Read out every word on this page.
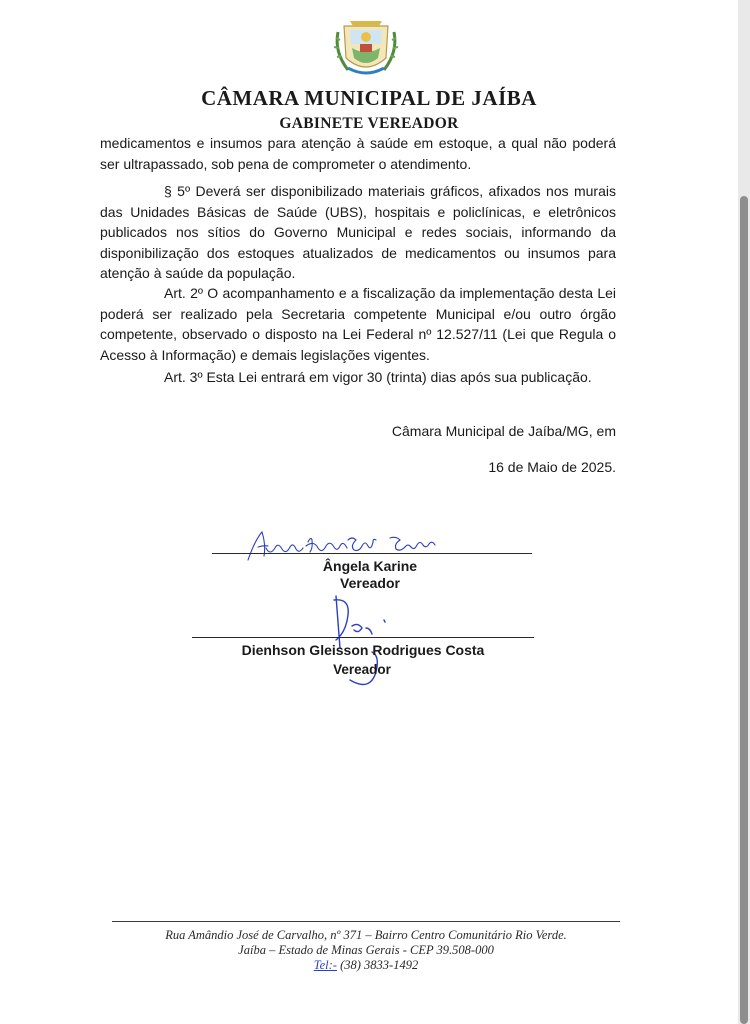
CÂMARA MUNICIPAL DE JAÍBA
GABINETE VEREADOR
medicamentos e insumos para atenção à saúde em estoque, a qual não poderá ser ultrapassado, sob pena de comprometer o atendimento.
§ 5º Deverá ser disponibilizado materiais gráficos, afixados nos murais das Unidades Básicas de Saúde (UBS), hospitais e policlínicas, e eletrônicos publicados nos sítios do Governo Municipal e redes sociais, informando da disponibilização dos estoques atualizados de medicamentos ou insumos para atenção à saúde da população.
Art. 2º O acompanhamento e a fiscalização da implementação desta Lei poderá ser realizado pela Secretaria competente Municipal e/ou outro órgão competente, observado o disposto na Lei Federal nº 12.527/11 (Lei que Regula o Acesso à Informação) e demais legislações vigentes.
Art. 3º Esta Lei entrará em vigor 30 (trinta) dias após sua publicação.
Câmara Municipal de Jaíba/MG, em
16 de Maio de 2025.
Ângela Karine
Vereador
Dienhson Gleisson Rodrigues Costa
Vereador
Rua Amândio José de Carvalho, nº 371 – Bairro Centro Comunitário Rio Verde.
Jaíba – Estado de Minas Gerais - CEP 39.508-000
Tel:- (38) 3833-1492
